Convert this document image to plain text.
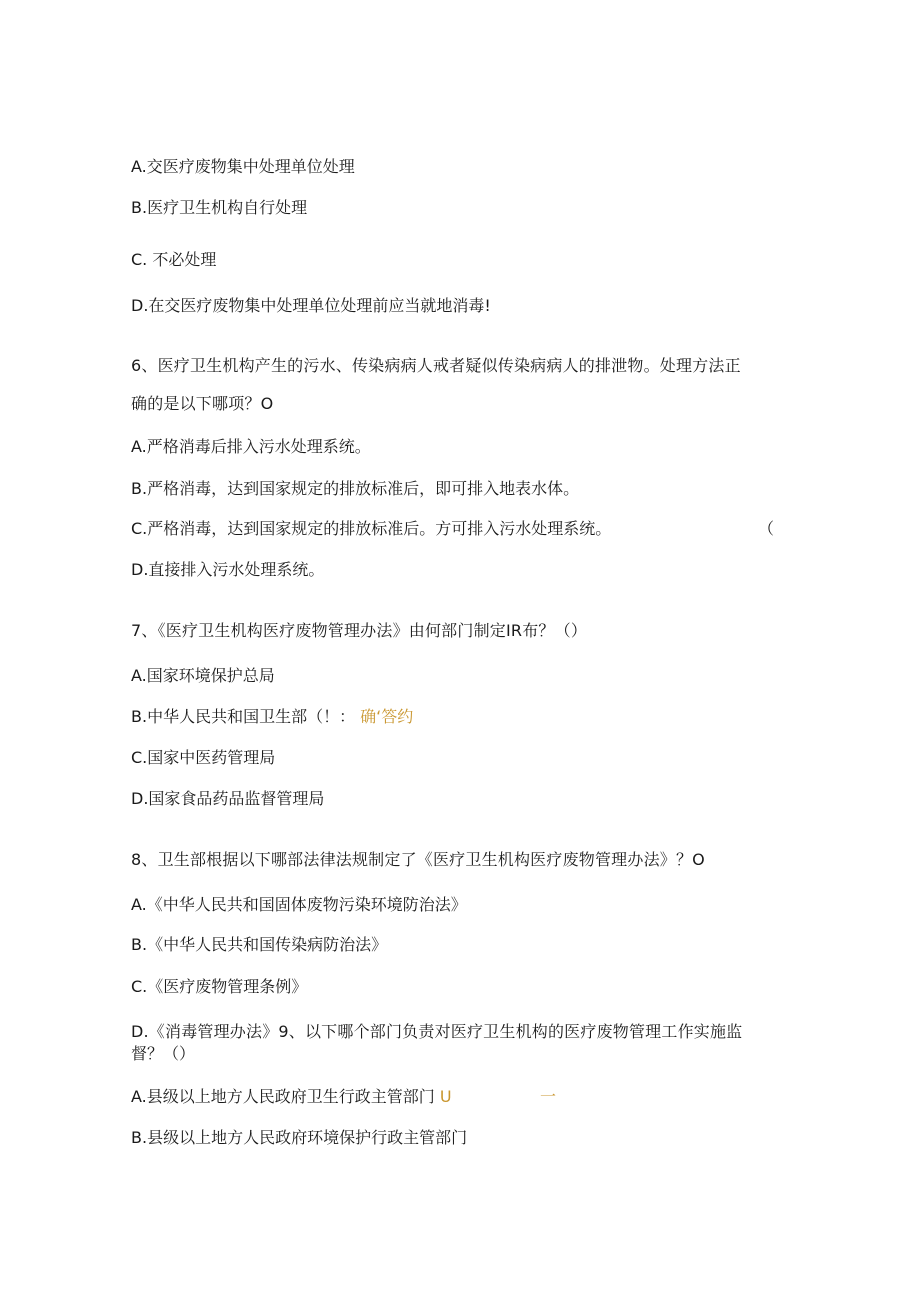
A.交医疗废物集中处理单位处理
B.医疗卫生机构自行处理
C. 不必处理
D.在交医疗废物集中处理单位处理前应当就地消毒!
6、医疗卫生机构产生的污水、传染病病人戒者疑似传染病病人的排泄物。处理方法正
确的是以下哪项？O
A.严格消毒后排入污水处理系统。
B.严格消毒，达到国家规定的排放标准后，即可排入地表水体。
C.严格消毒，达到国家规定的排放标准后。方可排入污水处理系统。	（
D.直接排入污水处理系统。
7、《医疗卫生机构医疗废物管理办法》由何部门制定IR布？（）
A.国家环境保护总局
B.中华人民共和国卫生部（！： 确‘答约
C.国家中医药管理局
D.国家食品药品监督管理局
8、卫生部根据以下哪部法律法规制定了《医疗卫生机构医疗废物管理办法》？O
A.《中华人民共和国固体废物污染环境防治法》
B.《中华人民共和国传染病防治法》
C.《医疗废物管理条例》
D.《消毒管理办法》9、以下哪个部门负责对医疗卫生机构的医疗废物管理工作实施监
督？（）
A.县级以上地方人民政府卫生行政主管部门 U	一
B.县级以上地方人民政府环境保护行政主管部门
